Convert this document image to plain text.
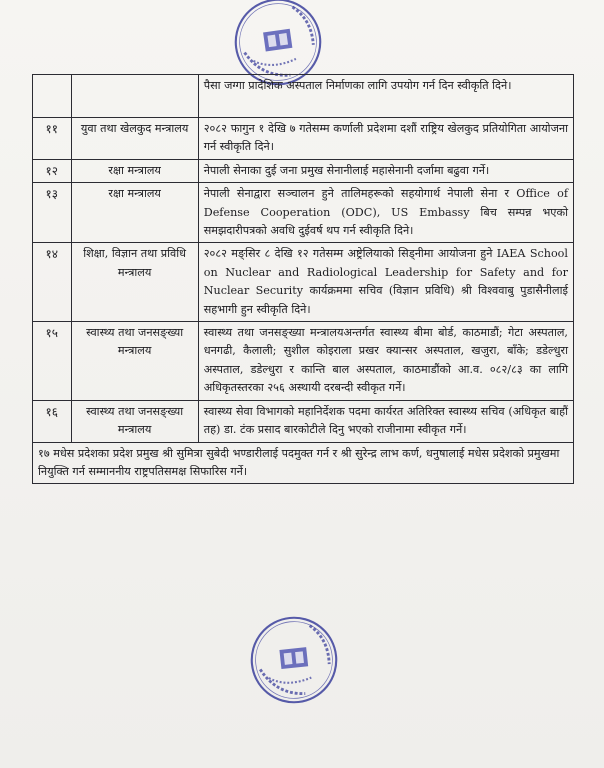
		पैसा जग्गा प्रादेशिक अस्पताल निर्माणका लागि उपयोग गर्न दिन स्वीकृति दिने।
११	युवा तथा खेलकुद मन्त्रालय	२०८२ फागुन १ देखि ७ गतेसम्म कर्णाली प्रदेशमा दशौं राष्ट्रिय खेलकुद प्रतियोगिता आयोजना गर्न स्वीकृति दिने।
१२	रक्षा मन्त्रालय	नेपाली सेनाका दुई जना प्रमुख सेनानीलाई महासेनानी दर्जामा बढुवा गर्ने।
१३	रक्षा मन्त्रालय	नेपाली सेनाद्वारा सञ्चालन हुने तालिमहरूको सहयोगार्थ नेपाली सेना र Office of Defense Cooperation (ODC), US Embassy बिच सम्पन्न भएको समझदारीपत्रको अवधि दुईवर्ष थप गर्न स्वीकृति दिने।
१४	शिक्षा, विज्ञान तथा प्रविधि मन्त्रालय	२०८२ मङ्सिर ८ देखि १२ गतेसम्म अष्ट्रेलियाको सिड्नीमा आयोजना हुने IAEA School on Nuclear and Radiological Leadership for Safety and for Nuclear Security कार्यक्रममा सचिव (विज्ञान प्रविधि) श्री विश्ववाबु पुडासैनीलाई सहभागी हुन स्वीकृति दिने।
१५	स्वास्थ्य तथा जनसङ्ख्या मन्त्रालय	स्वास्थ्य तथा जनसङ्ख्या मन्त्रालयअन्तर्गत स्वास्थ्य बीमा बोर्ड, काठमाडौं; गेटा अस्पताल, धनगढी, कैलाली; सुशील कोइराला प्रखर क्यान्सर अस्पताल, खजुरा, बाँके; डडेल्धुरा अस्पताल, डडेल्धुरा र कान्ति बाल अस्पताल, काठमाडौंको आ.व. ०८२/८३ का लागि अधिकृतस्तरका २५६ अस्थायी दरबन्दी स्वीकृत गर्ने।
१६	स्वास्थ्य तथा जनसङ्ख्या मन्त्रालय	स्वास्थ्य सेवा विभागको महानिर्देशक पदमा कार्यरत अतिरिक्त स्वास्थ्य सचिव (अधिकृत बाहौं तह) डा. टंक प्रसाद बारकोटीले दिनु भएको राजीनामा स्वीकृत गर्ने।
१७ मधेस प्रदेशका प्रदेश प्रमुख श्री सुमित्रा सुबेदी भण्डारीलाई पदमुक्त गर्न र श्री सुरेन्द्र लाभ कर्ण, धनुषालाई मधेस प्रदेशको प्रमुखमा नियुक्ति गर्न सम्माननीय राष्ट्रपतिसमक्ष सिफारिस गर्ने।		
